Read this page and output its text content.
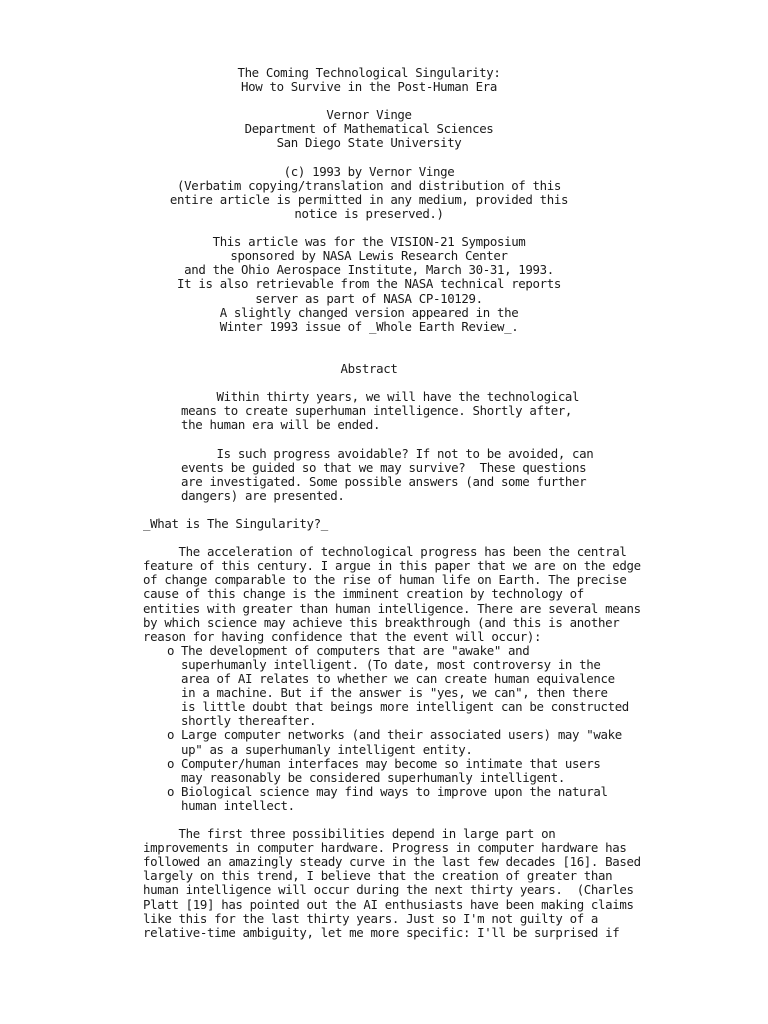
The Coming Technological Singularity:
How to Survive in the Post-Human Era
Vernor Vinge
Department of Mathematical Sciences
San Diego State University
(c) 1993 by Vernor Vinge
(Verbatim copying/translation and distribution of this
entire article is permitted in any medium, provided this
notice is preserved.)
This article was for the VISION-21 Symposium
sponsored by NASA Lewis Research Center
and the Ohio Aerospace Institute, March 30-31, 1993.
It is also retrievable from the NASA technical reports
server as part of NASA CP-10129.
A slightly changed version appeared in the
Winter 1993 issue of _Whole Earth Review_.
Abstract
Within thirty years, we will have the technological
means to create superhuman intelligence. Shortly after,
the human era will be ended.
Is such progress avoidable? If not to be avoided, can
events be guided so that we may survive?  These questions
are investigated. Some possible answers (and some further
dangers) are presented.
_What is The Singularity?_
The acceleration of technological progress has been the central
feature of this century. I argue in this paper that we are on the edge
of change comparable to the rise of human life on Earth. The precise
cause of this change is the imminent creation by technology of
entities with greater than human intelligence. There are several means
by which science may achieve this breakthrough (and this is another
reason for having confidence that the event will occur):
o The development of computers that are "awake" and
superhumanly intelligent. (To date, most controversy in the
area of AI relates to whether we can create human equivalence
in a machine. But if the answer is "yes, we can", then there
is little doubt that beings more intelligent can be constructed
shortly thereafter.
o Large computer networks (and their associated users) may "wake
up" as a superhumanly intelligent entity.
o Computer/human interfaces may become so intimate that users
may reasonably be considered superhumanly intelligent.
o Biological science may find ways to improve upon the natural
human intellect.
The first three possibilities depend in large part on
improvements in computer hardware. Progress in computer hardware has
followed an amazingly steady curve in the last few decades [16]. Based
largely on this trend, I believe that the creation of greater than
human intelligence will occur during the next thirty years.  (Charles
Platt [19] has pointed out the AI enthusiasts have been making claims
like this for the last thirty years. Just so I'm not guilty of a
relative-time ambiguity, let me more specific: I'll be surprised if
